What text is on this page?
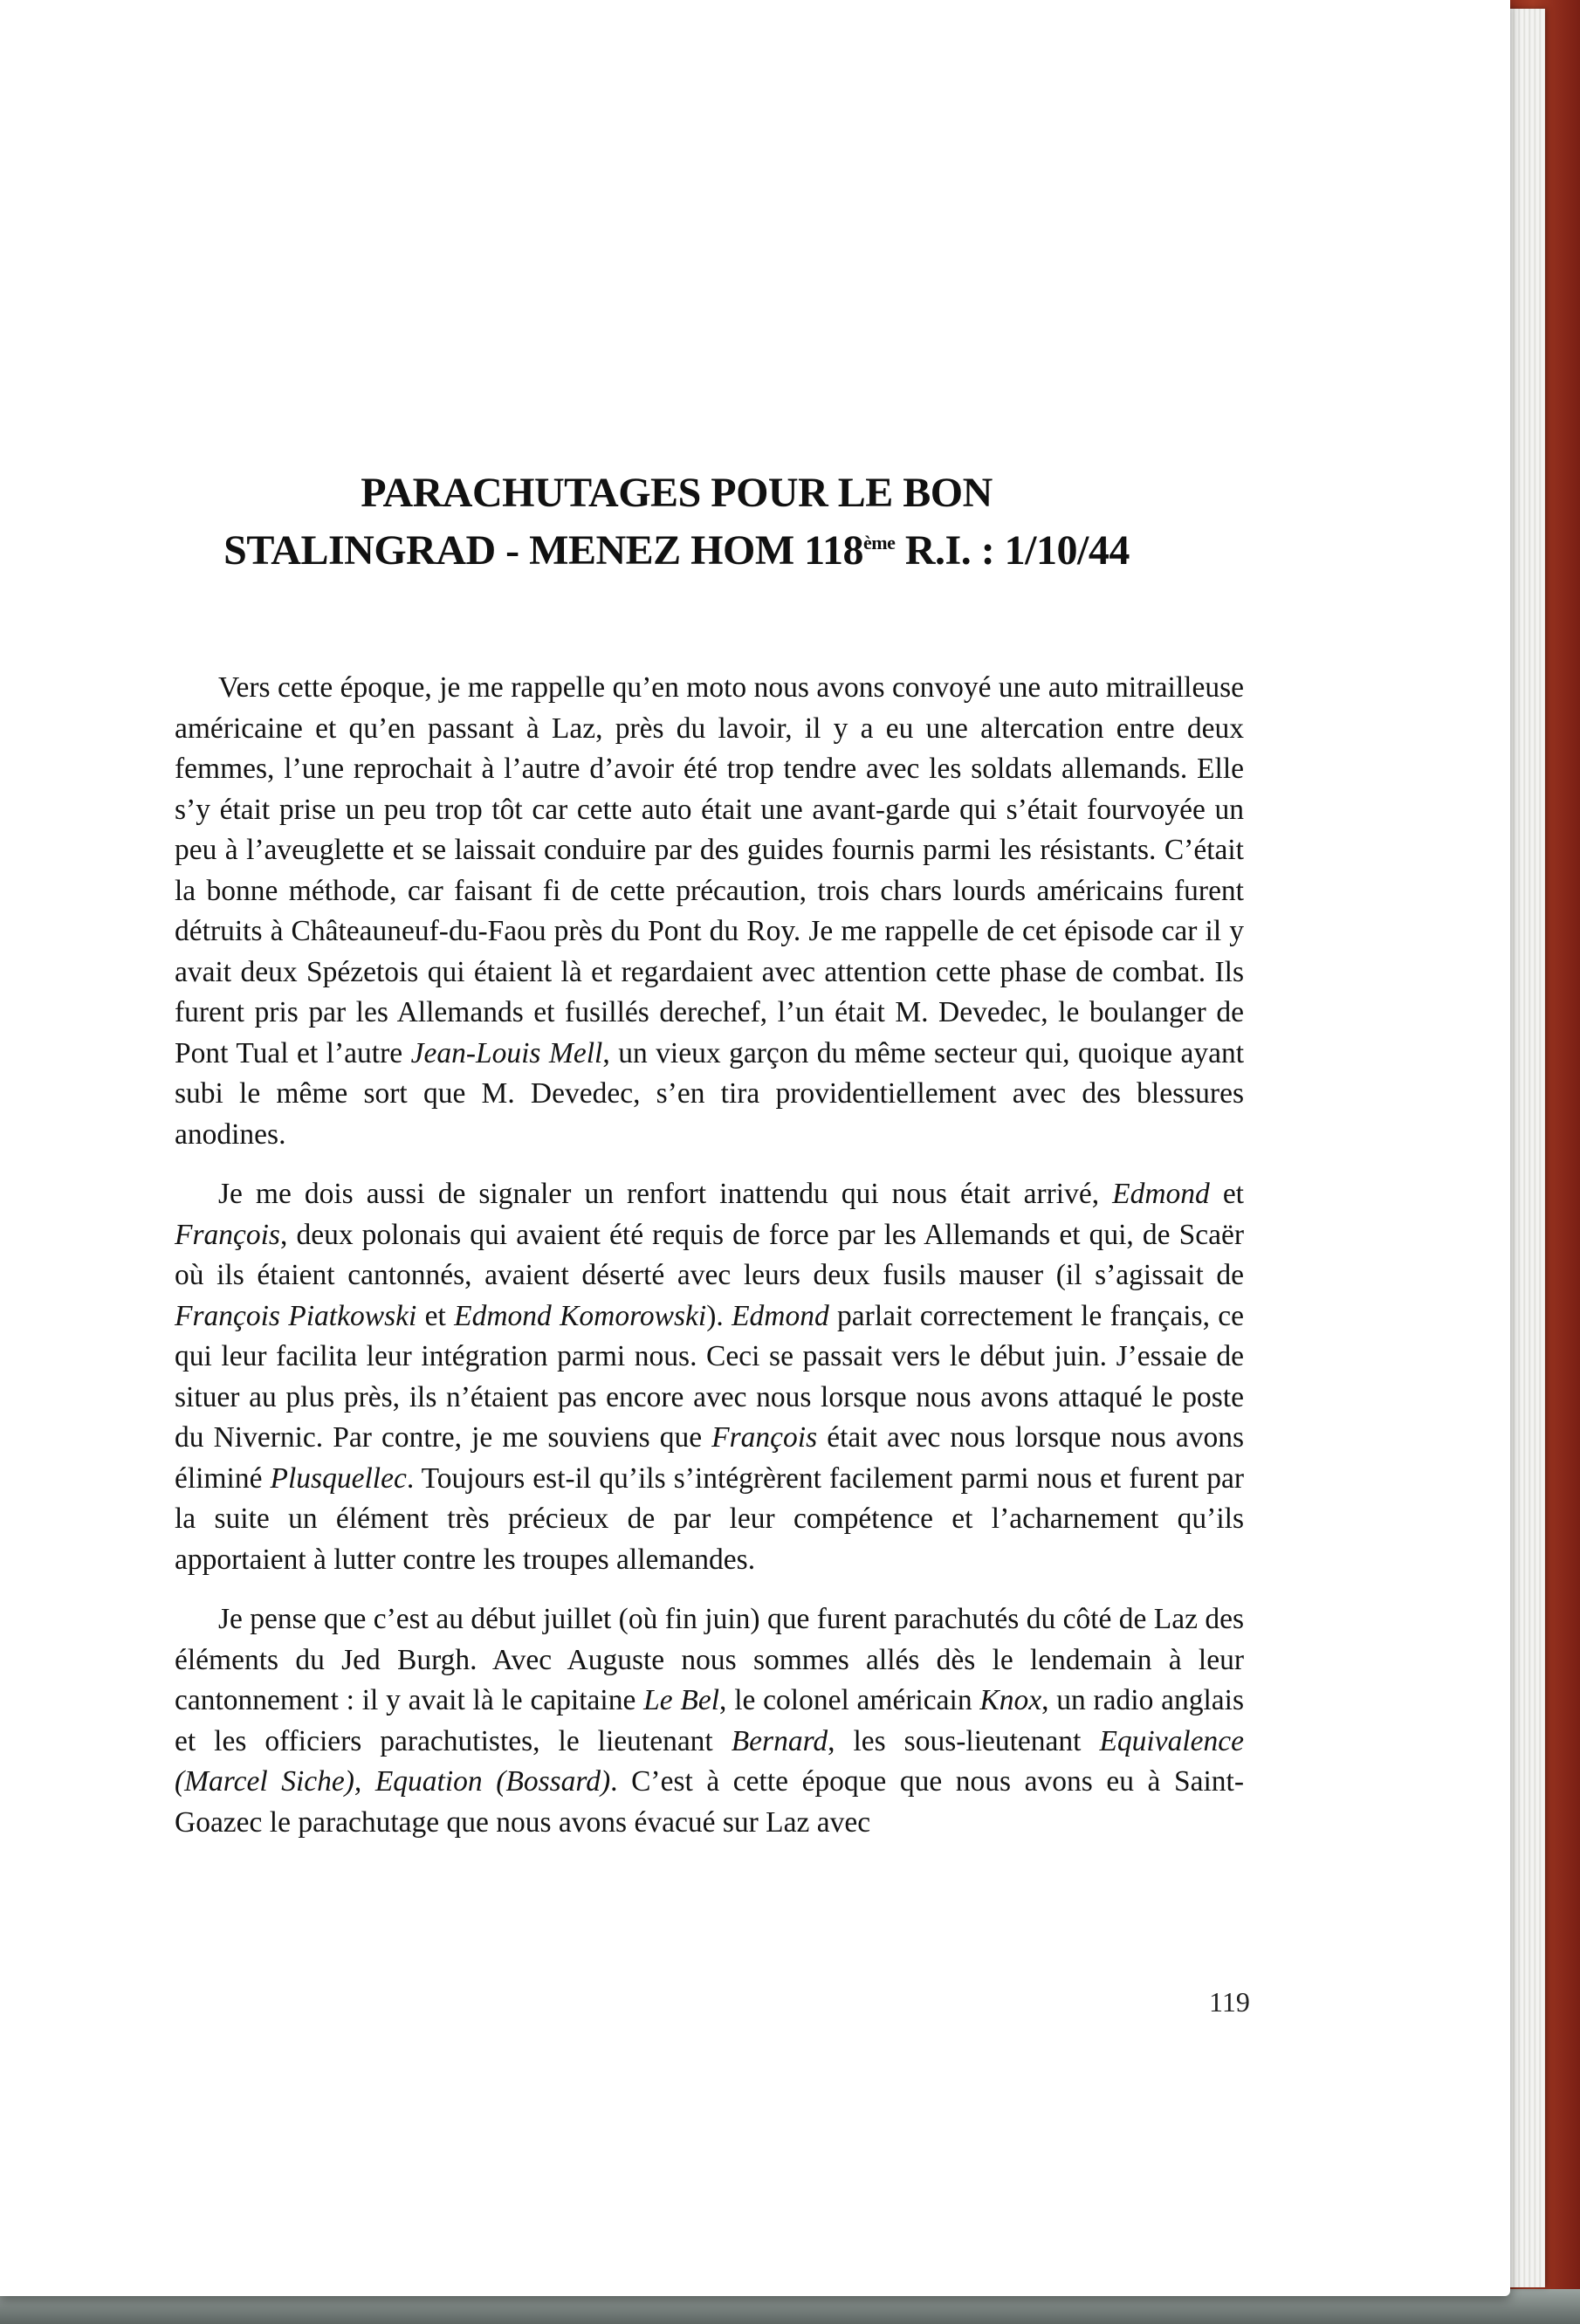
PARACHUTAGES POUR LE BON
STALINGRAD - MENEZ HOM 118ème R.I. : 1/10/44

Vers cette époque, je me rappelle qu’en moto nous avons convoyé une auto mitrailleuse américaine et qu’en passant à Laz, près du lavoir, il y a eu une altercation entre deux femmes, l’une reprochait à l’autre d’avoir été trop tendre avec les soldats allemands. Elle s’y était prise un peu trop tôt car cette auto était une avant-garde qui s’était fourvoyée un peu à l’aveuglette et se laissait conduire par des guides fournis parmi les résistants. C’était la bonne méthode, car faisant fi de cette précaution, trois chars lourds américains furent détruits à Châteauneuf-du-Faou près du Pont du Roy. Je me rappelle de cet épisode car il y avait deux Spézetois qui étaient là et regardaient avec attention cette phase de combat. Ils furent pris par les Allemands et fusillés derechef, l’un était M. Devedec, le boulanger de Pont Tual et l’autre Jean-Louis Mell, un vieux garçon du même secteur qui, quoique ayant subi le même sort que M. Devedec, s’en tira providentiellement avec des blessures anodines.

Je me dois aussi de signaler un renfort inattendu qui nous était arrivé, Edmond et François, deux polonais qui avaient été requis de force par les Allemands et qui, de Scaër où ils étaient cantonnés, avaient déserté avec leurs deux fusils mauser (il s’agissait de François Piatkowski et Edmond Komorowski). Edmond parlait correctement le français, ce qui leur facilita leur intégration parmi nous. Ceci se passait vers le début juin. J’essaie de situer au plus près, ils n’étaient pas encore avec nous lorsque nous avons attaqué le poste du Nivernic. Par contre, je me souviens que François était avec nous lorsque nous avons éliminé Plusquellec. Toujours est-il qu’ils s’intégrèrent facilement parmi nous et furent par la suite un élément très précieux de par leur compétence et l’acharnement qu’ils apportaient à lutter contre les troupes allemandes.

Je pense que c’est au début juillet (où fin juin) que furent parachutés du côté de Laz des éléments du Jed Burgh. Avec Auguste nous sommes allés dès le lendemain à leur cantonnement : il y avait là le capitaine Le Bel, le colonel américain Knox, un radio anglais et les officiers parachutistes, le lieutenant Bernard, les sous-lieutenant Equivalence (Marcel Siche), Equation (Bossard). C’est à cette époque que nous avons eu à Saint-Goazec le parachutage que nous avons évacué sur Laz avec

119
